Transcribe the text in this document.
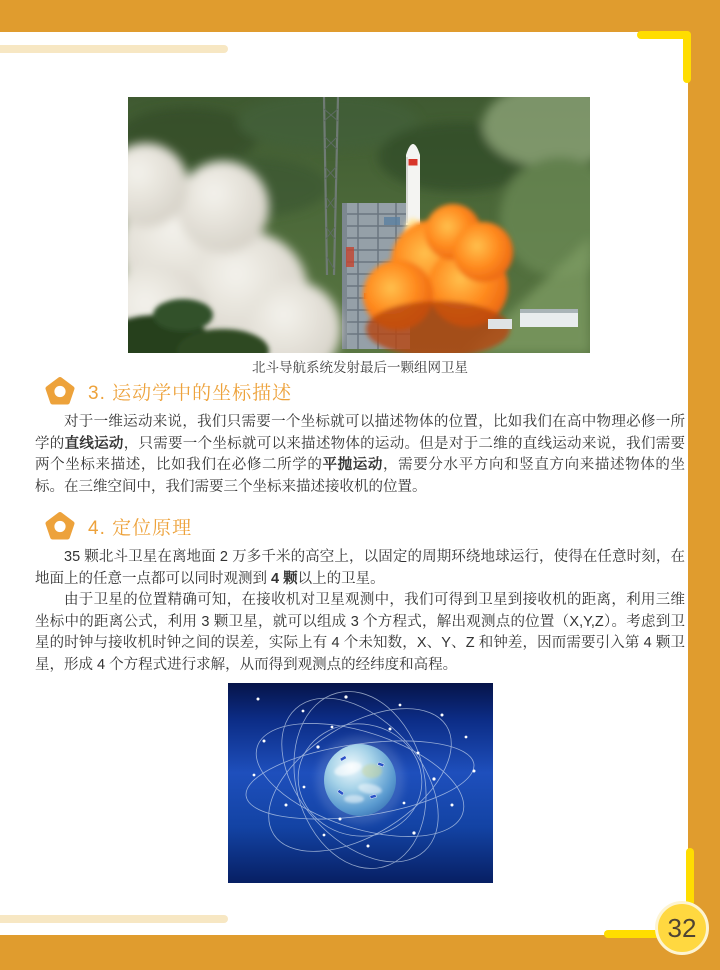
北斗导航系统发射最后一颗组网卫星
3. 运动学中的坐标描述

对于一维运动来说，我们只需要一个坐标就可以描述物体的位置，比如我们在高中物理必修一所学的直线运动，只需要一个坐标就可以来描述物体的运动。但是对于二维的直线运动来说，我们需要两个坐标来描述，比如我们在必修二所学的平抛运动，需要分水平方向和竖直方向来描述物体的坐标。在三维空间中，我们需要三个坐标来描述接收机的位置。

4. 定位原理

35 颗北斗卫星在离地面 2 万多千米的高空上，以固定的周期环绕地球运行，使得在任意时刻，在地面上的任意一点都可以同时观测到 4 颗以上的卫星。

由于卫星的位置精确可知，在接收机对卫星观测中，我们可得到卫星到接收机的距离，利用三维坐标中的距离公式，利用 3 颗卫星，就可以组成 3 个方程式，解出观测点的位置（X,Y,Z）。考虑到卫星的时钟与接收机时钟之间的误差，实际上有 4 个未知数，X、Y、Z 和钟差，因而需要引入第 4 颗卫星，形成 4 个方程式进行求解，从而得到观测点的经纬度和高程。

32
